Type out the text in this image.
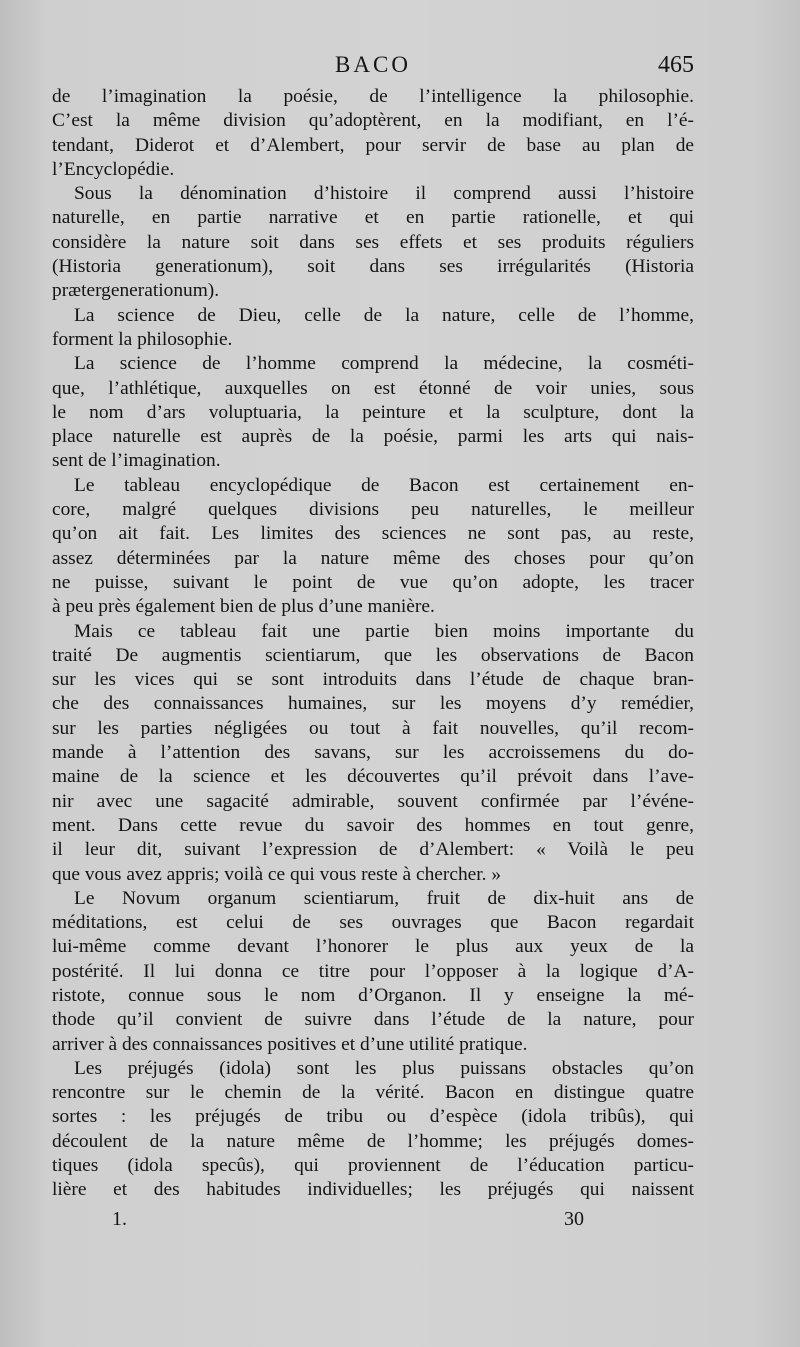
BACO	465
de l’imagination la poésie, de l’intelligence la philosophie.
C’est la même division qu’adoptèrent, en la modifiant, en l’é-
tendant, Diderot et d’Alembert, pour servir de base au plan de
l’Encyclopédie.
Sous la dénomination d’histoire il comprend aussi l’histoire
naturelle, en partie narrative et en partie rationelle, et qui
considère la nature soit dans ses effets et ses produits réguliers
(Historia generationum), soit dans ses irrégularités (Historia
prætergenerationum).
La science de Dieu, celle de la nature, celle de l’homme,
forment la philosophie.
La science de l’homme comprend la médecine, la cosméti-
que, l’athlétique, auxquelles on est étonné de voir unies, sous
le nom d’ars voluptuaria, la peinture et la sculpture, dont la
place naturelle est auprès de la poésie, parmi les arts qui nais-
sent de l’imagination.
Le tableau encyclopédique de Bacon est certainement en-
core, malgré quelques divisions peu naturelles, le meilleur
qu’on ait fait. Les limites des sciences ne sont pas, au reste,
assez déterminées par la nature même des choses pour qu’on
ne puisse, suivant le point de vue qu’on adopte, les tracer
à peu près également bien de plus d’une manière.
Mais ce tableau fait une partie bien moins importante du
traité De augmentis scientiarum, que les observations de Bacon
sur les vices qui se sont introduits dans l’étude de chaque bran-
che des connaissances humaines, sur les moyens d’y remédier,
sur les parties négligées ou tout à fait nouvelles, qu’il recom-
mande à l’attention des savans, sur les accroissemens du do-
maine de la science et les découvertes qu’il prévoit dans l’ave-
nir avec une sagacité admirable, souvent confirmée par l’événe-
ment. Dans cette revue du savoir des hommes en tout genre,
il leur dit, suivant l’expression de d’Alembert: « Voilà le peu
que vous avez appris; voilà ce qui vous reste à chercher. »
Le Novum organum scientiarum, fruit de dix-huit ans de
méditations, est celui de ses ouvrages que Bacon regardait
lui-même comme devant l’honorer le plus aux yeux de la
postérité. Il lui donna ce titre pour l’opposer à la logique d’A-
ristote, connue sous le nom d’Organon. Il y enseigne la mé-
thode qu’il convient de suivre dans l’étude de la nature, pour
arriver à des connaissances positives et d’une utilité pratique.
Les préjugés (idola) sont les plus puissans obstacles qu’on
rencontre sur le chemin de la vérité. Bacon en distingue quatre
sortes : les préjugés de tribu ou d’espèce (idola tribûs), qui
découlent de la nature même de l’homme; les préjugés domes-
tiques (idola specûs), qui proviennent de l’éducation particu-
lière et des habitudes individuelles; les préjugés qui naissent
1.	30
